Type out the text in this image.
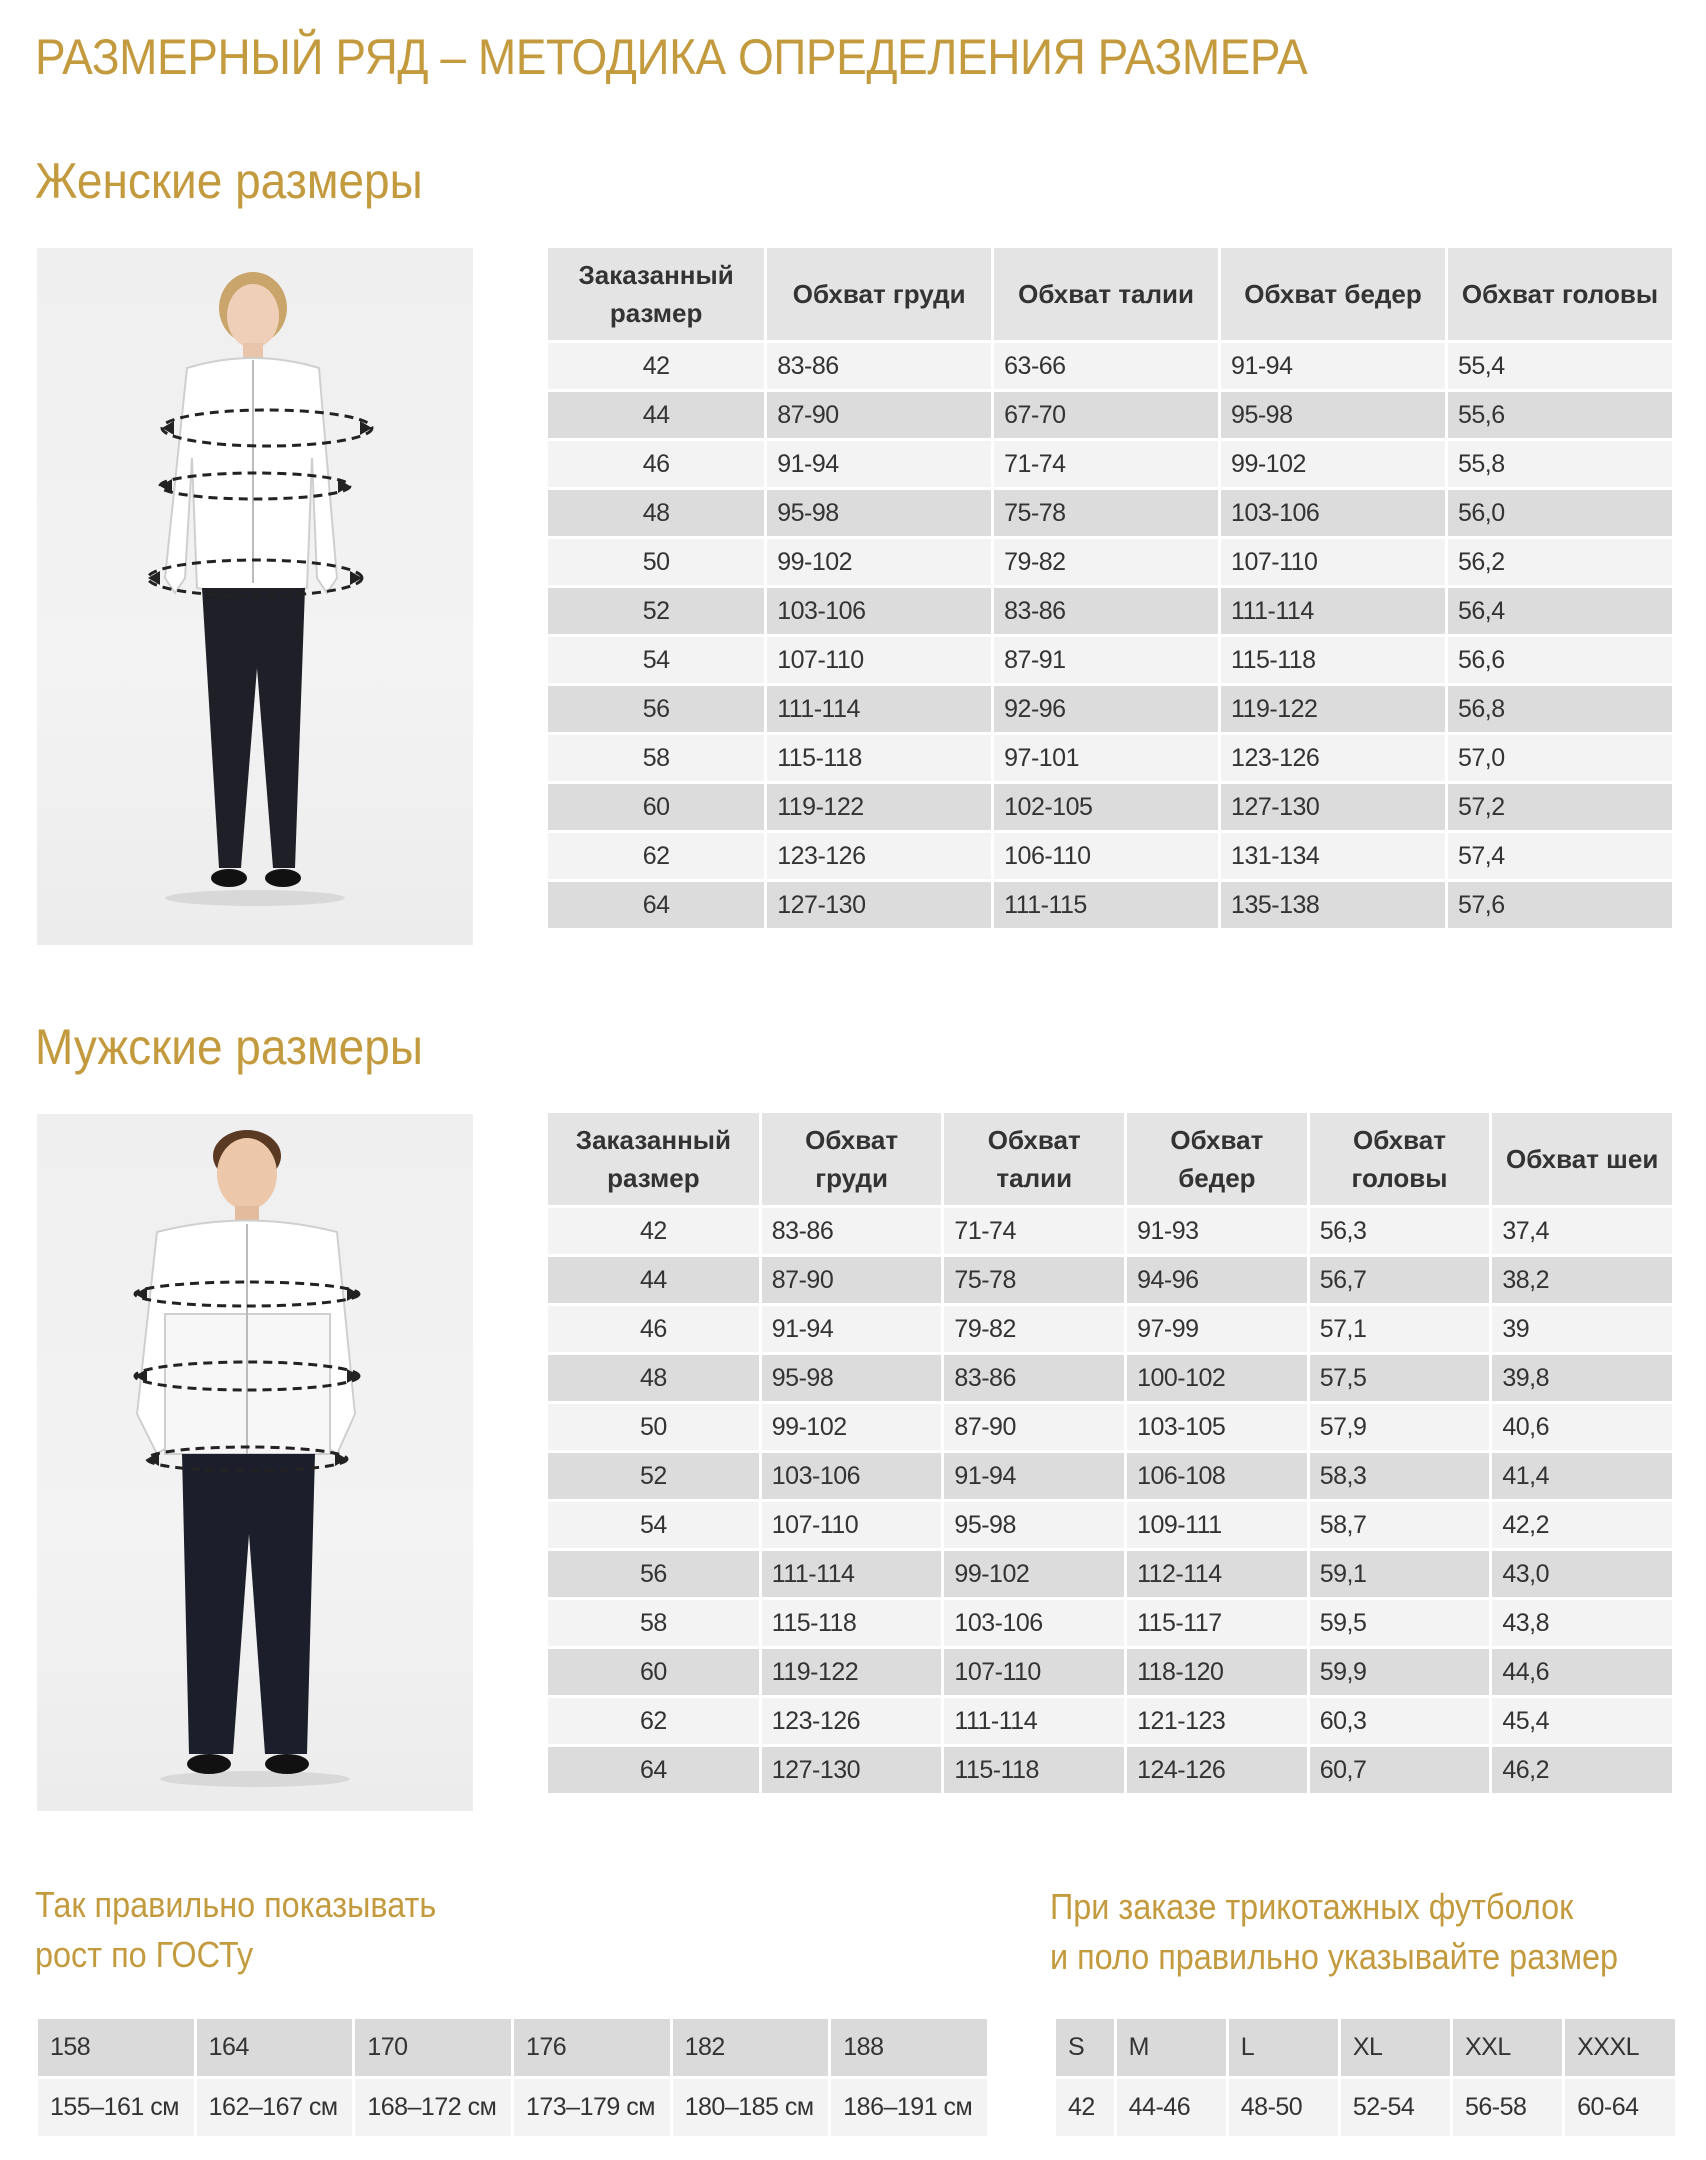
РАЗМЕРНЫЙ РЯД – МЕТОДИКА ОПРЕДЕЛЕНИЯ РАЗМЕРА
Женские размеры
Заказанный размер	Обхват груди	Обхват талии	Обхват бедер	Обхват головы
42	83-86	63-66	91-94	55,4
44	87-90	67-70	95-98	55,6
46	91-94	71-74	99-102	55,8
48	95-98	75-78	103-106	56,0
50	99-102	79-82	107-110	56,2
52	103-106	83-86	111-114	56,4
54	107-110	87-91	115-118	56,6
56	111-114	92-96	119-122	56,8
58	115-118	97-101	123-126	57,0
60	119-122	102-105	127-130	57,2
62	123-126	106-110	131-134	57,4
64	127-130	111-115	135-138	57,6
Мужские размеры
Заказанный размер	Обхват груди	Обхват талии	Обхват бедер	Обхват головы	Обхват шеи
42	83-86	71-74	91-93	56,3	37,4
44	87-90	75-78	94-96	56,7	38,2
46	91-94	79-82	97-99	57,1	39
48	95-98	83-86	100-102	57,5	39,8
50	99-102	87-90	103-105	57,9	40,6
52	103-106	91-94	106-108	58,3	41,4
54	107-110	95-98	109-111	58,7	42,2
56	111-114	99-102	112-114	59,1	43,0
58	115-118	103-106	115-117	59,5	43,8
60	119-122	107-110	118-120	59,9	44,6
62	123-126	111-114	121-123	60,3	45,4
64	127-130	115-118	124-126	60,7	46,2
Так правильно показывать
рост по ГОСТу
158	164	170	176	182	188
155–161 см	162–167 см	168–172 см	173–179 см	180–185 см	186–191 см
При заказе трикотажных футболок
и поло правильно указывайте размер
S	M	L	XL	XXL	XXXL
42	44-46	48-50	52-54	56-58	60-64
